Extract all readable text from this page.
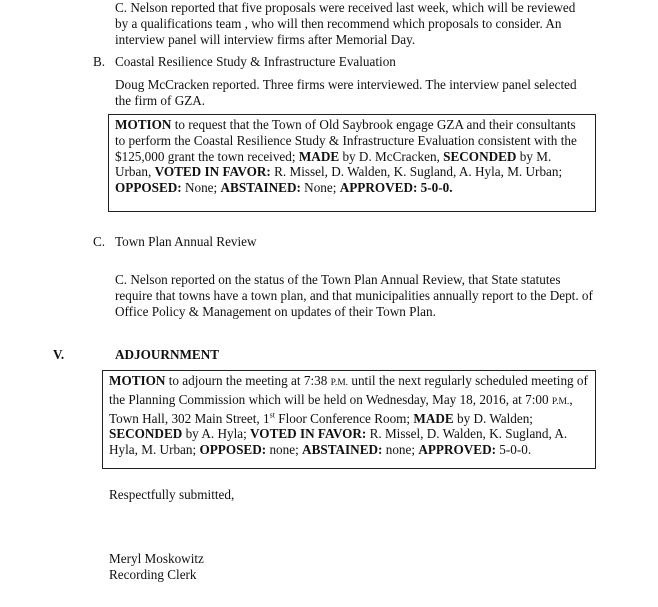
C. Nelson reported that five proposals were received last week, which will be reviewed by a qualifications team , who will then recommend which proposals to consider. An interview panel will interview firms after Memorial Day.
B. Coastal Resilience Study & Infrastructure Evaluation
Doug McCracken reported. Three firms were interviewed. The interview panel selected the firm of GZA.
MOTION to request that the Town of Old Saybrook engage GZA and their consultants to perform the Coastal Resilience Study & Infrastructure Evaluation consistent with the $125,000 grant the town received; MADE by D. McCracken, SECONDED by M. Urban, VOTED IN FAVOR: R. Missel, D. Walden, K. Sugland, A. Hyla, M. Urban; OPPOSED: None; ABSTAINED: None; APPROVED: 5-0-0.
C. Town Plan Annual Review
C. Nelson reported on the status of the Town Plan Annual Review, that State statutes require that towns have a town plan, and that municipalities annually report to the Dept. of Office Policy & Management on updates of their Town Plan.
V.	ADJOURNMENT
MOTION to adjourn the meeting at 7:38 P.M. until the next regularly scheduled meeting of the Planning Commission which will be held on Wednesday, May 18, 2016, at 7:00 P.M., Town Hall, 302 Main Street, 1st Floor Conference Room; MADE by D. Walden; SECONDED by A. Hyla; VOTED IN FAVOR: R. Missel, D. Walden, K. Sugland, A. Hyla, M. Urban; OPPOSED: none; ABSTAINED: none; APPROVED: 5-0-0.
Respectfully submitted,
Meryl Moskowitz
Recording Clerk
